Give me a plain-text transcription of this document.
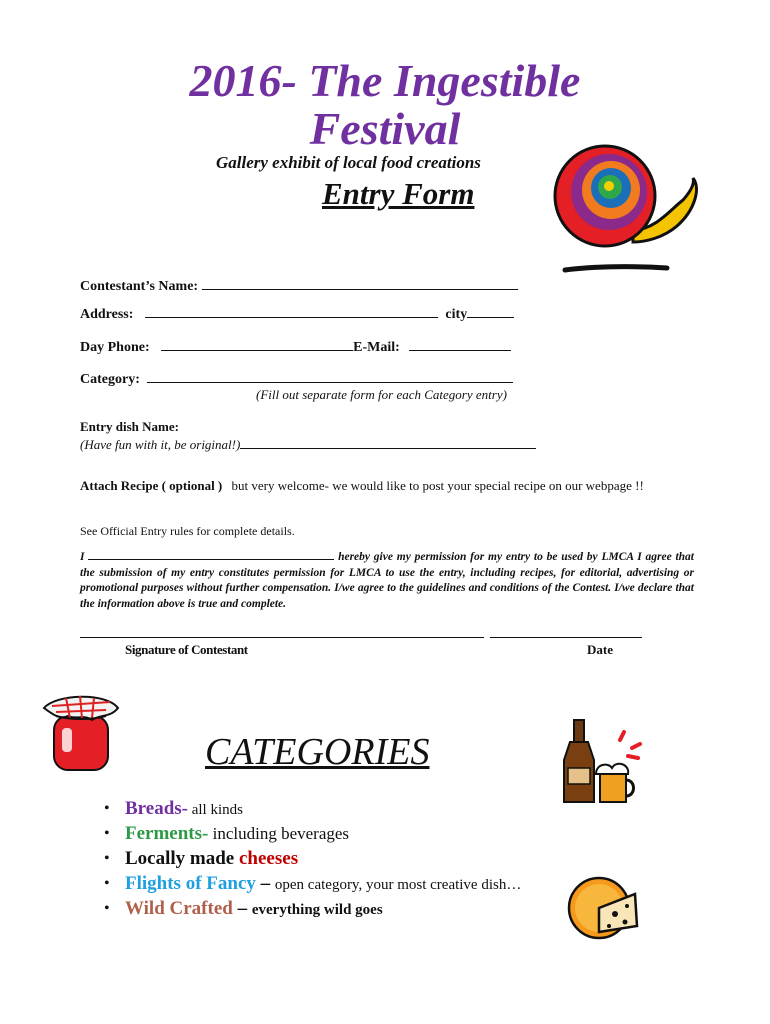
2016- The Ingestible
Festival
Gallery exhibit of local food creations
Entry Form
Contestant’s Name:
Address:	city
Day Phone:	E-Mail:
Category:
(Fill out separate form for each Category entry)
Entry dish Name:
(Have fun with it, be original!)
Attach Recipe ( optional ) but very welcome- we would like to post your special recipe on our webpage !!
See Official Entry rules for complete details.
I	hereby give my permission for my entry to be used by LMCA I agree that the submission of my entry constitutes permission for LMCA to use the entry, including recipes, for editorial, advertising or promotional purposes without further compensation. I/we agree to the guidelines and conditions of the Contest. I/we declare that the information above is true and complete.
Signature of Contestant	Date
CATEGORIES
• Breads- all kinds
• Ferments- including beverages
• Locally made cheeses
• Flights of Fancy – open category, your most creative dish…
• Wild Crafted – everything wild goes
